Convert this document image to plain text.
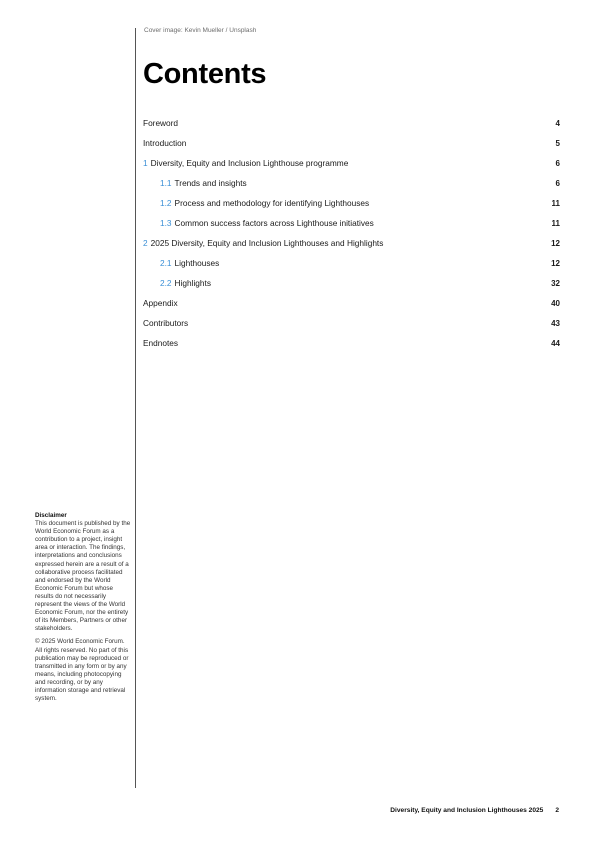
Cover image: Kevin Mueller / Unsplash
Contents
Foreword	4
Introduction	5
1 Diversity, Equity and Inclusion Lighthouse programme	6
1.1 Trends and insights	6
1.2 Process and methodology for identifying Lighthouses	11
1.3 Common success factors across Lighthouse initiatives	11
2 2025 Diversity, Equity and Inclusion Lighthouses and Highlights	12
2.1 Lighthouses	12
2.2 Highlights	32
Appendix	40
Contributors	43
Endnotes	44
Disclaimer

This document is published by the World Economic Forum as a contribution to a project, insight area or interaction. The findings, interpretations and conclusions expressed herein are a result of a collaborative process facilitated and endorsed by the World Economic Forum but whose results do not necessarily represent the views of the World Economic Forum, nor the entirety of its Members, Partners or other stakeholders.

© 2025 World Economic Forum. All rights reserved. No part of this publication may be reproduced or transmitted in any form or by any means, including photocopying and recording, or by any information storage and retrieval system.

Diversity, Equity and Inclusion Lighthouses 2025 2
